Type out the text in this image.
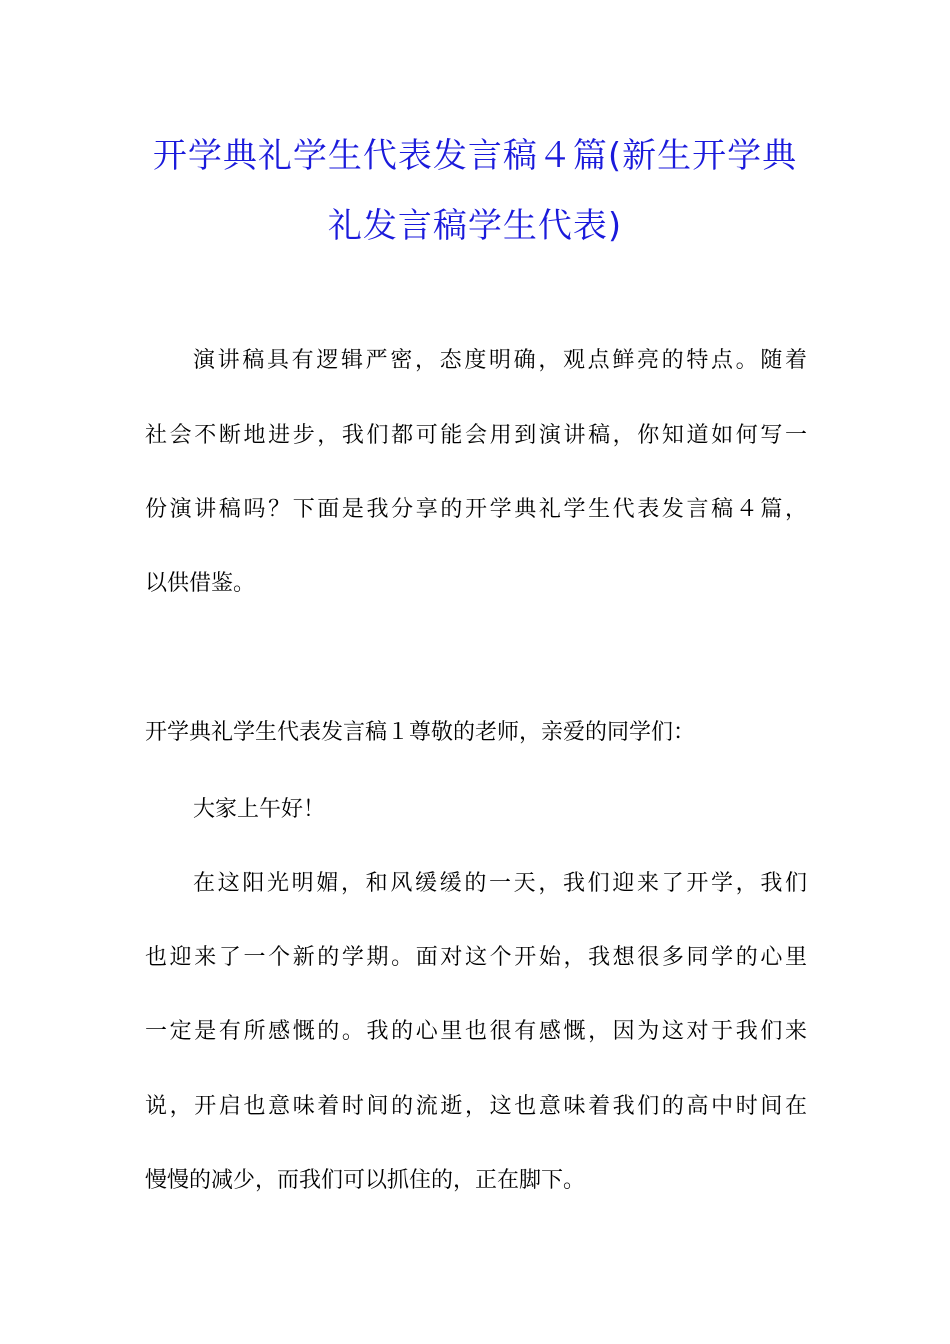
开学典礼学生代表发言稿４篇(新生开学典
礼发言稿学生代表)
演讲稿具有逻辑严密，态度明确，观点鲜亮的特点。随着
社会不断地进步，我们都可能会用到演讲稿，你知道如何写一
份演讲稿吗？下面是我分享的开学典礼学生代表发言稿４篇，
以供借鉴。
开学典礼学生代表发言稿１尊敬的老师，亲爱的同学们：
大家上午好！
在这阳光明媚，和风缓缓的一天，我们迎来了开学，我们
也迎来了一个新的学期。面对这个开始，我想很多同学的心里
一定是有所感慨的。我的心里也很有感慨，因为这对于我们来
说，开启也意味着时间的流逝，这也意味着我们的高中时间在
慢慢的减少，而我们可以抓住的，正在脚下。
